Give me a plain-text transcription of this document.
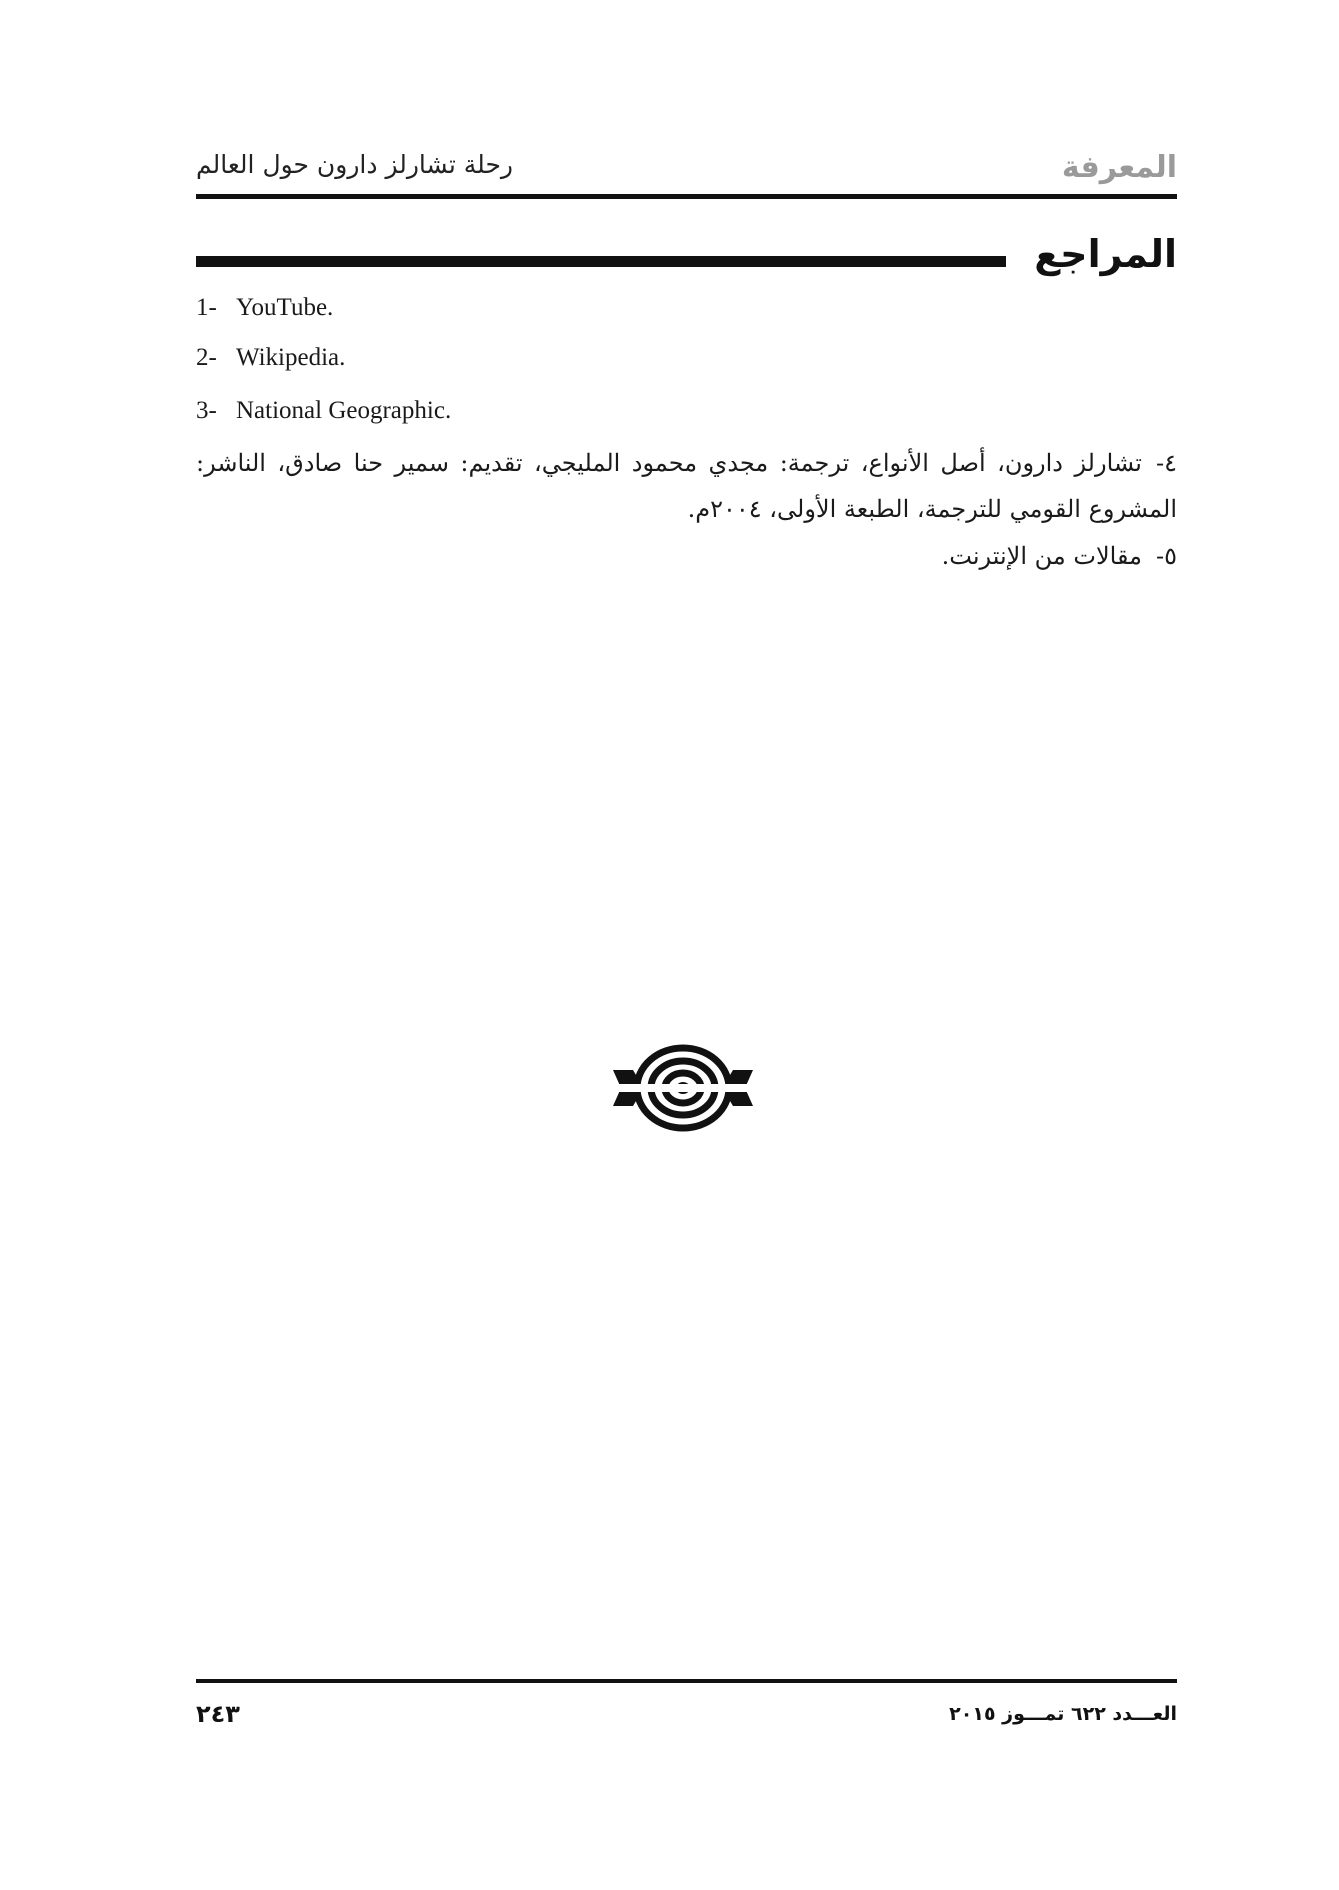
رحلة تشارلز دارون حول العالم	المعرفة
المراجع
1- YouTube.
2- Wikipedia.
3- National Geographic.
٤-تشارلز دارون، أصل الأنواع، ترجمة: مجدي محمود المليجي، تقديم: سمير حنا صادق، الناشر: المشروع القومي للترجمة، الطبعة الأولى، ٢٠٠٤م.
٥-مقالات من الإنترنت.
٢٤٣	العـــدد ٦٢٢ تمـــوز ٢٠١٥
